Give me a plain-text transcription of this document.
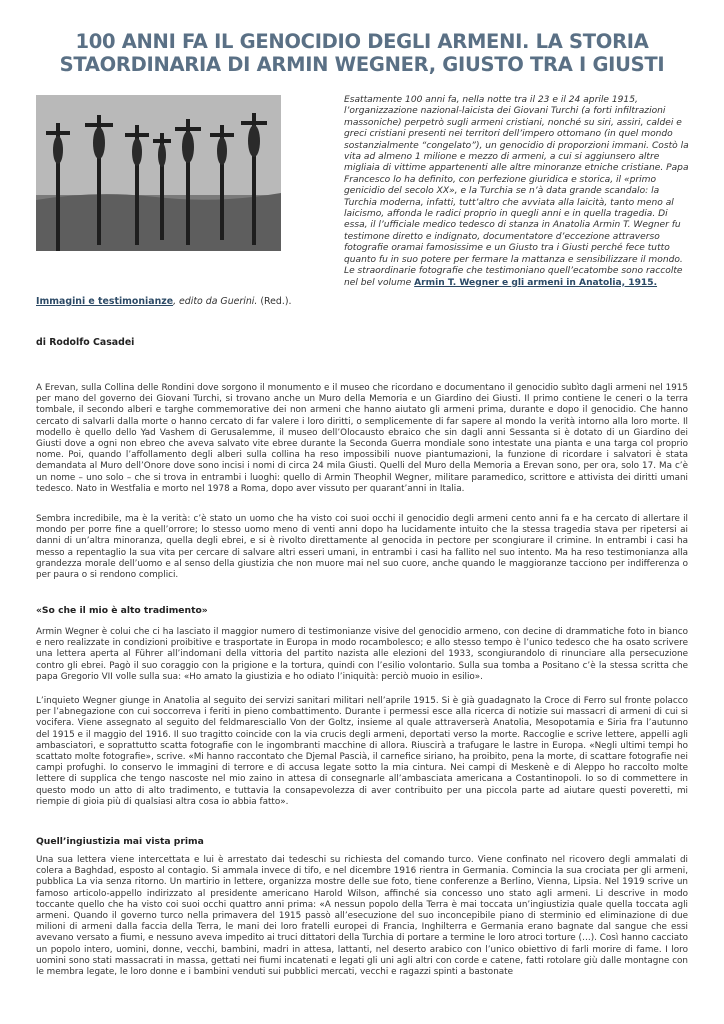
100 ANNI FA IL GENOCIDIO DEGLI ARMENI. LA STORIA STAORDINARIA DI ARMIN WEGNER, GIUSTO TRA I GIUSTI
Esattamente 100 anni fa, nella notte tra il 23 e il 24 aprile 1915, l’organizzazione nazional-laicista dei Giovani Turchi (a forti infiltrazioni massoniche) perpetrò sugli armeni cristiani, nonché su siri, assiri, caldei e greci cristiani presenti nei territori dell’impero ottomano (in quel mondo sostanzialmente “congelato”), un genocidio di proporzioni immani. Costò la vita ad almeno 1 milione e mezzo di armeni, a cui si aggiunsero altre migliaia di vittime appartenenti alle altre minoranze etniche cristiane. Papa Francesco lo ha definito, con perfezione giuridica e storica, il «primo genicidio del secolo XX», e la Turchia se n’à data grande scandalo: la Turchia moderna, infatti, tutt’altro che avviata alla laicità, tanto meno al laicismo, affonda le radici proprio in quegli anni e in quella tragedia. Di essa, il l’ufficiale medico tedesco di stanza in Anatolia Armin T. Wegner fu testimone diretto e indignato, documentatore d’eccezione attraverso fotografie oramai famosissime e un Giusto tra i Giusti perché fece tutto quanto fu in suo potere per fermare la mattanza e sensibilizzare il mondo. Le straordinarie fotografie che testimoniano quell’ecatombe sono raccolte nel bel volume Armin T. Wegner e gli armeni in Anatolia, 1915.
Immagini e testimonianze, edito da Guerini. (Red.).
di Rodolfo Casadei
A Erevan, sulla Collina delle Rondini dove sorgono il monumento e il museo che ricordano e documentano il genocidio subìto dagli armeni nel 1915 per mano del governo dei Giovani Turchi, si trovano anche un Muro della Memoria e un Giardino dei Giusti. Il primo contiene le ceneri o la terra tombale, il secondo alberi e targhe commemorative dei non armeni che hanno aiutato gli armeni prima, durante e dopo il genocidio. Che hanno cercato di salvarli dalla morte o hanno cercato di far valere i loro diritti, o semplicemente di far sapere al mondo la verità intorno alla loro morte. Il modello è quello dello Yad Vashem di Gerusalemme, il museo dell’Olocausto ebraico che sin dagli anni Sessanta si è dotato di un Giardino dei Giusti dove a ogni non ebreo che aveva salvato vite ebree durante la Seconda Guerra mondiale sono intestate una pianta e una targa col proprio nome. Poi, quando l’affollamento degli alberi sulla collina ha reso impossibili nuove piantumazioni, la funzione di ricordare i salvatori è stata demandata al Muro dell’Onore dove sono incisi i nomi di circa 24 mila Giusti. Quelli del Muro della Memoria a Erevan sono, per ora, solo 17. Ma c’è un nome – uno solo – che si trova in entrambi i luoghi: quello di Armin Theophil Wegner, militare paramedico, scrittore e attivista dei diritti umani tedesco. Nato in Westfalia e morto nel 1978 a Roma, dopo aver vissuto per quarant’anni in Italia.
Sembra incredibile, ma è la verità: c’è stato un uomo che ha visto coi suoi occhi il genocidio degli armeni cento anni fa e ha cercato di allertare il mondo per porre fine a quell’orrore; lo stesso uomo meno di venti anni dopo ha lucidamente intuito che la stessa tragedia stava per ripetersi ai danni di un’altra minoranza, quella degli ebrei, e si è rivolto direttamente al genocida in pectore per scongiurare il crimine. In entrambi i casi ha messo a repentaglio la sua vita per cercare di salvare altri esseri umani, in entrambi i casi ha fallito nel suo intento. Ma ha reso testimonianza alla grandezza morale dell’uomo e al senso della giustizia che non muore mai nel suo cuore, anche quando le maggioranze tacciono per indifferenza o per paura o si rendono complici.
«So che il mio è alto tradimento»
Armin Wegner è colui che ci ha lasciato il maggior numero di testimonianze visive del genocidio armeno, con decine di drammatiche foto in bianco e nero realizzate in condizioni proibitive e trasportate in Europa in modo rocambolesco; e allo stesso tempo è l’unico tedesco che ha osato scrivere una lettera aperta al Führer all’indomani della vittoria del partito nazista alle elezioni del 1933, scongiurandolo di rinunciare alla persecuzione contro gli ebrei. Pagò il suo coraggio con la prigione e la tortura, quindi con l’esilio volontario. Sulla sua tomba a Positano c’è la stessa scritta che papa Gregorio VII volle sulla sua: «Ho amato la giustizia e ho odiato l’iniquità: perciò muoio in esilio».
L’inquieto Wegner giunge in Anatolia al seguito dei servizi sanitari militari nell’aprile 1915. Si è già guadagnato la Croce di Ferro sul fronte polacco per l’abnegazione con cui soccorreva i feriti in pieno combattimento. Durante i permessi esce alla ricerca di notizie sui massacri di armeni di cui si vocifera. Viene assegnato al seguito del feldmaresciallo Von der Goltz, insieme al quale attraverserà Anatolia, Mesopotamia e Siria fra l’autunno del 1915 e il maggio del 1916. Il suo tragitto coincide con la via crucis degli armeni, deportati verso la morte. Raccoglie e scrive lettere, appelli agli ambasciatori, e soprattutto scatta fotografie con le ingombranti macchine di allora. Riuscirà a trafugare le lastre in Europa. «Negli ultimi tempi ho scattato molte fotografie», scrive. «Mi hanno raccontato che Djemal Pascià, il carnefice siriano, ha proibito, pena la morte, di scattare fotografie nei campi profughi. Io conservo le immagini di terrore e di accusa legate sotto la mia cintura. Nei campi di Meskenè e di Aleppo ho raccolto molte lettere di supplica che tengo nascoste nel mio zaino in attesa di consegnarle all’ambasciata americana a Costantinopoli. Io so di commettere in questo modo un atto di alto tradimento, e tuttavia la consapevolezza di aver contribuito per una piccola parte ad aiutare questi poveretti, mi riempie di gioia più di qualsiasi altra cosa io abbia fatto».
Quell’ingiustizia mai vista prima
Una sua lettera viene intercettata e lui è arrestato dai tedeschi su richiesta del comando turco. Viene confinato nel ricovero degli ammalati di colera a Baghdad, esposto al contagio. Si ammala invece di tifo, e nel dicembre 1916 rientra in Germania. Comincia la sua crociata per gli armeni, pubblica La via senza ritorno. Un martirio in lettere, organizza mostre delle sue foto, tiene conferenze a Berlino, Vienna, Lipsia. Nel 1919 scrive un famoso articolo-appello indirizzato al presidente americano Harold Wilson, affinché sia concesso uno stato agli armeni. Li descrive in modo toccante quello che ha visto coi suoi occhi quattro anni prima: «A nessun popolo della Terra è mai toccata un’ingiustizia quale quella toccata agli armeni. Quando il governo turco nella primavera del 1915 passò all’esecuzione del suo inconcepibile piano di sterminio ed eliminazione di due milioni di armeni dalla faccia della Terra, le mani dei loro fratelli europei di Francia, Inghilterra e Germania erano bagnate dal sangue che essi avevano versato a fiumi, e nessuno aveva impedito ai truci dittatori della Turchia di portare a termine le loro atroci torture (…). Così hanno cacciato un popolo intero, uomini, donne, vecchi, bambini, madri in attesa, lattanti, nel deserto arabico con l’unico obiettivo di farli morire di fame. I loro uomini sono stati massacrati in massa, gettati nei fiumi incatenati e legati gli uni agli altri con corde e catene, fatti rotolare giù dalle montagne con le membra legate, le loro donne e i bambini venduti sui pubblici mercati, vecchi e ragazzi spinti a bastonate
